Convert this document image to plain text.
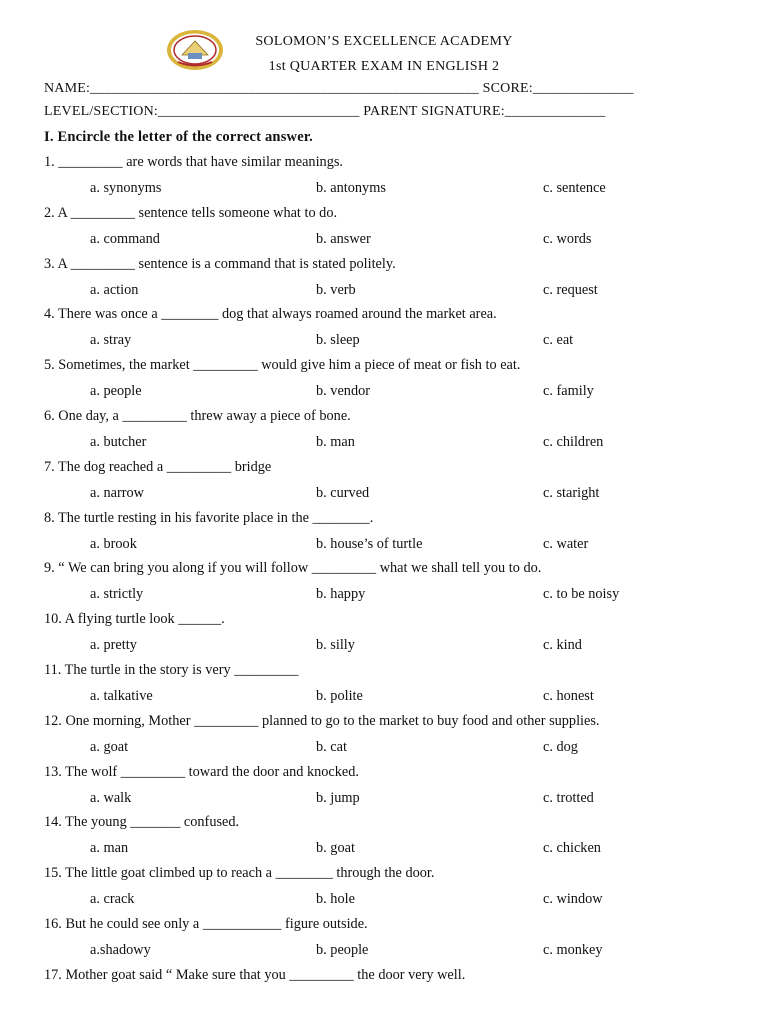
SOLOMON’S EXCELLENCE ACADEMY
1st QUARTER EXAM IN ENGLISH 2
NAME:______________________________________________________ SCORE:______________
LEVEL/SECTION:____________________________ PARENT SIGNATURE:______________
I. Encircle the letter of the correct answer.
1. _________ are words that have similar meanings.
a. synonyms	b. antonyms	c. sentence
2. A _________ sentence tells someone what to do.
a. command	b. answer	c. words
3. A _________ sentence is a command that is stated politely.
a. action	b. verb	c. request
4. There was once a ________ dog that always roamed around the market area.
a. stray	b. sleep	c. eat
5. Sometimes, the market _________ would give him a piece of meat or fish to eat.
a. people	b. vendor	c. family
6. One day, a _________ threw away a piece of bone.
a. butcher	b. man	c. children
7. The dog reached a _________ bridge
a. narrow	b. curved	c. staright
8. The turtle resting in his favorite place in the ________.
a. brook	b. house’s of turtle	c. water
9. “ We can bring you along if you will follow _________ what we shall tell you to do.
a. strictly	b. happy	c. to be noisy
10. A flying turtle look ______.
a. pretty	b. silly	c. kind
11. The turtle in the story is very _________
a. talkative	b. polite	c. honest
12. One morning, Mother _________ planned to go to the market to buy food and other supplies.
a. goat	b. cat	c. dog
13. The wolf _________ toward the door and knocked.
a. walk	b. jump	c. trotted
14. The young _______ confused.
a. man	b. goat	c. chicken
15. The little goat climbed up to reach a ________ through the door.
a. crack	b. hole	c. window
16. But he could see only a ___________ figure outside.
a.shadowy	b. people	c. monkey
17. Mother goat said “ Make sure that you _________ the door very well.
